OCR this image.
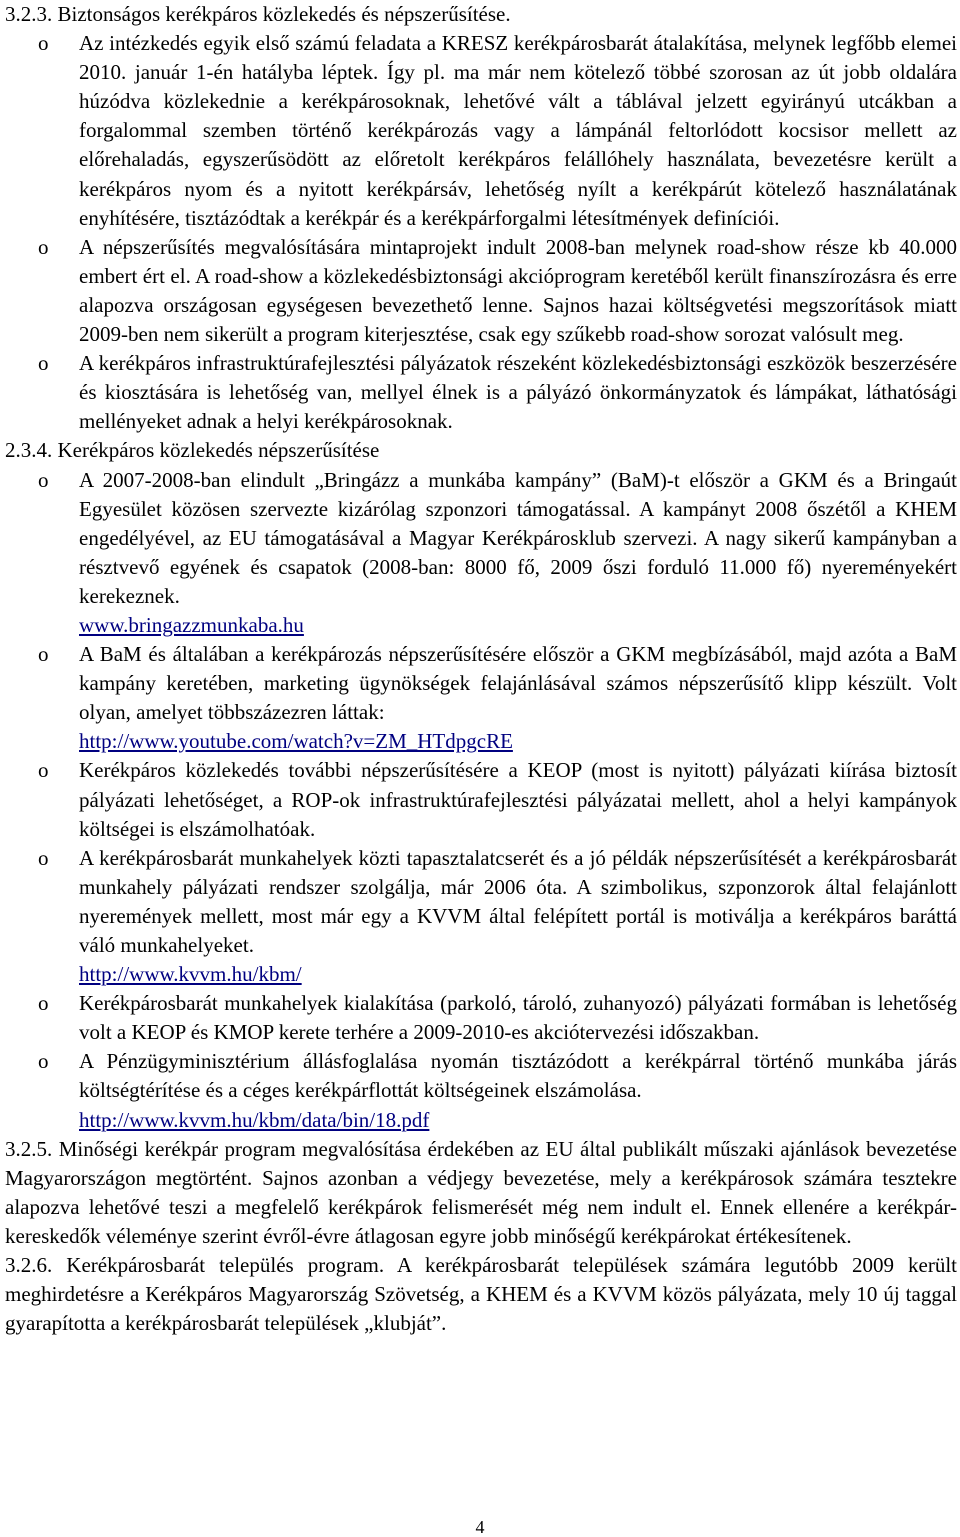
3.2.3. Biztonságos kerékpáros közlekedés és népszerűsítése.

o Az intézkedés egyik első számú feladata a KRESZ kerékpárosbarát átalakítása, melynek legfőbb elemei 2010. január 1-én hatályba léptek. Így pl. ma már nem kötelező többé szorosan az út jobb oldalára húzódva közlekednie a kerékpárosoknak, lehetővé vált a táblával jelzett egyirányú utcákban a forgalommal szemben történő kerékpározás vagy a lámpánál feltorlódott kocsisor mellett az előrehaladás, egyszerűsödött az előretolt kerékpáros felállóhely használata, bevezetésre került a kerékpáros nyom és a nyitott kerékpársáv, lehetőség nyílt a kerékpárút kötelező használatának enyhítésére, tisztázódtak a kerékpár és a kerékpárforgalmi létesítmények definíciói.
o A népszerűsítés megvalósítására mintaprojekt indult 2008-ban melynek road-show része kb 40.000 embert ért el. A road-show a közlekedésbiztonsági akcióprogram keretéből került finanszírozásra és erre alapozva országosan egységesen bevezethető lenne. Sajnos hazai költségvetési megszorítások miatt 2009-ben nem sikerült a program kiterjesztése, csak egy szűkebb road-show sorozat valósult meg.
o A kerékpáros infrastruktúrafejlesztési pályázatok részeként közlekedésbiztonsági eszközök beszerzésére és kiosztására is lehetőség van, mellyel élnek is a pályázó önkormányzatok és lámpákat, láthatósági mellényeket adnak a helyi kerékpárosoknak.

2.3.4. Kerékpáros közlekedés népszerűsítése

o A 2007-2008-ban elindult „Bringázz a munkába kampány” (BaM)-t először a GKM és a Bringaút Egyesület közösen szervezte kizárólag szponzori támogatással. A kampányt 2008 őszétől a KHEM engedélyével, az EU támogatásával a Magyar Kerékpárosklub szervezi. A nagy sikerű kampányban a résztvevő egyének és csapatok (2008-ban: 8000 fő, 2009 őszi forduló 11.000 fő) nyereményekért kerekeznek.
www.bringazzmunkaba.hu
o A BaM és általában a kerékpározás népszerűsítésére először a GKM megbízásából, majd azóta a BaM kampány keretében, marketing ügynökségek felajánlásával számos népszerűsítő klipp készült. Volt olyan, amelyet többszázezren láttak:
http://www.youtube.com/watch?v=ZM_HTdpgcRE
o Kerékpáros közlekedés további népszerűsítésére a KEOP (most is nyitott) pályázati kiírása biztosít pályázati lehetőséget, a ROP-ok infrastruktúrafejlesztési pályázatai mellett, ahol a helyi kampányok költségei is elszámolhatóak.
o A kerékpárosbarát munkahelyek közti tapasztalatcserét és a jó példák népszerűsítését a kerékpárosbarát munkahely pályázati rendszer szolgálja, már 2006 óta. A szimbolikus, szponzorok által felajánlott nyeremények mellett, most már egy a KVVM által felépített portál is motiválja a kerékpáros baráttá váló munkahelyeket.
http://www.kvvm.hu/kbm/
o Kerékpárosbarát munkahelyek kialakítása (parkoló, tároló, zuhanyozó) pályázati formában is lehetőség volt a KEOP és KMOP kerete terhére a 2009-2010-es akciótervezési időszakban.
o A Pénzügyminisztérium állásfoglalása nyomán tisztázódott a kerékpárral történő munkába járás költségtérítése és a céges kerékpárflottát költségeinek elszámolása.
http://www.kvvm.hu/kbm/data/bin/18.pdf

3.2.5. Minőségi kerékpár program megvalósítása érdekében az EU által publikált műszaki ajánlások bevezetése Magyarországon megtörtént. Sajnos azonban a védjegy bevezetése, mely a kerékpárosok számára tesztekre alapozva lehetővé teszi a megfelelő kerékpárok felismerését még nem indult el. Ennek ellenére a kerékpár-kereskedők véleménye szerint évről-évre átlagosan egyre jobb minőségű kerékpárokat értékesítenek.

3.2.6. Kerékpárosbarát település program. A kerékpárosbarát települések számára legutóbb 2009 került meghirdetésre a Kerékpáros Magyarország Szövetség, a KHEM és a KVVM közös pályázata, mely 10 új taggal gyarapította a kerékpárosbarát települések „klubját”.

4
